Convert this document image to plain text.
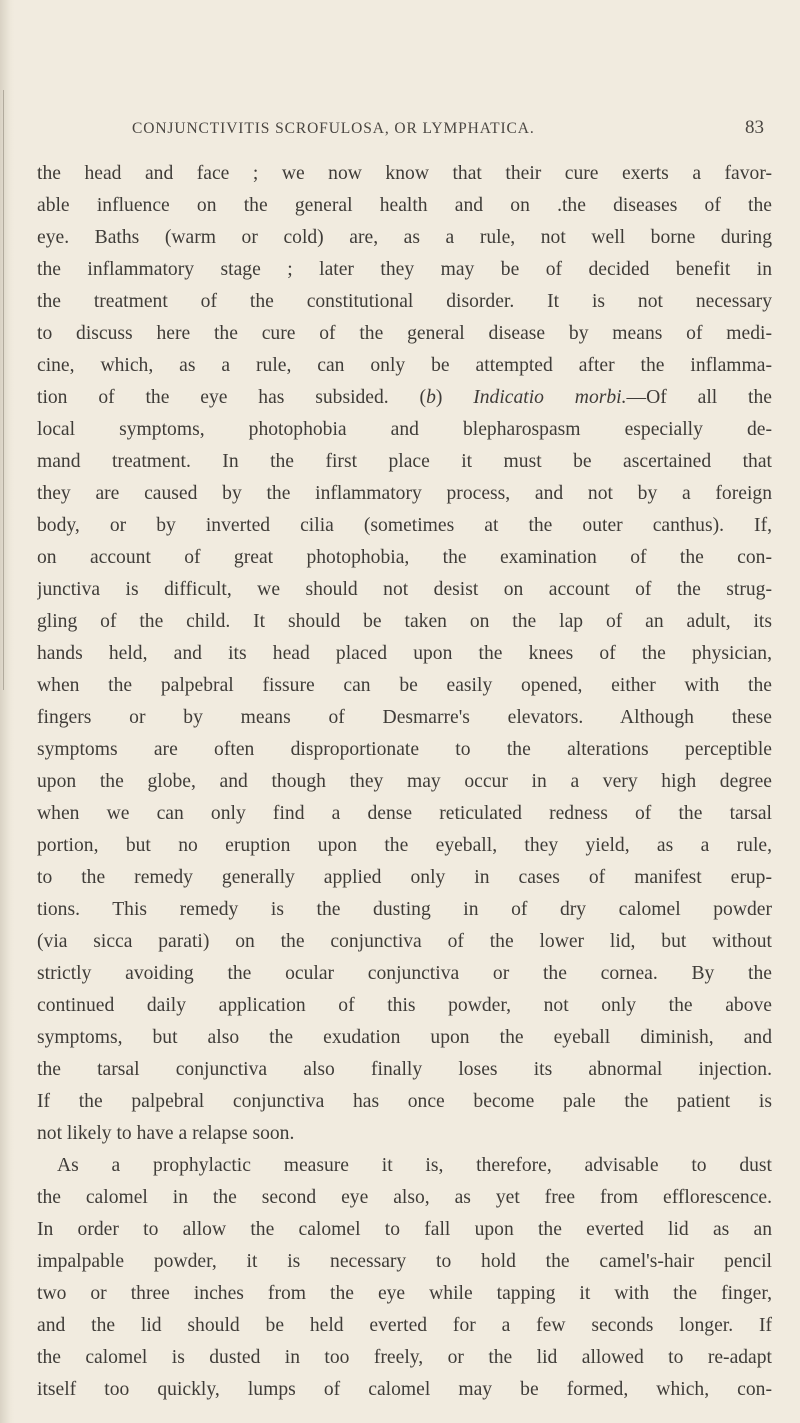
CONJUNCTIVITIS SCROFULOSA, OR LYMPHATICA.	83
the head and face ; we now know that their cure exerts a favor-
able influence on the general health and on .the diseases of the
eye. Baths (warm or cold) are, as a rule, not well borne during
the inflammatory stage ; later they may be of decided benefit in
the treatment of the constitutional disorder. It is not necessary
to discuss here the cure of the general disease by means of medi-
cine, which, as a rule, can only be attempted after the inflamma-
tion of the eye has subsided. (b) Indicatio morbi.—Of all the
local symptoms, photophobia and blepharospasm especially de-
mand treatment. In the first place it must be ascertained that
they are caused by the inflammatory process, and not by a foreign
body, or by inverted cilia (sometimes at the outer canthus). If,
on account of great photophobia, the examination of the con-
junctiva is difficult, we should not desist on account of the strug-
gling of the child. It should be taken on the lap of an adult, its
hands held, and its head placed upon the knees of the physician,
when the palpebral fissure can be easily opened, either with the
fingers or by means of Desmarre's elevators. Although these
symptoms are often disproportionate to the alterations perceptible
upon the globe, and though they may occur in a very high degree
when we can only find a dense reticulated redness of the tarsal
portion, but no eruption upon the eyeball, they yield, as a rule,
to the remedy generally applied only in cases of manifest erup-
tions. This remedy is the dusting in of dry calomel powder
(via sicca parati) on the conjunctiva of the lower lid, but without
strictly avoiding the ocular conjunctiva or the cornea. By the
continued daily application of this powder, not only the above
symptoms, but also the exudation upon the eyeball diminish, and
the tarsal conjunctiva also finally loses its abnormal injection.
If the palpebral conjunctiva has once become pale the patient is
not likely to have a relapse soon.
As a prophylactic measure it is, therefore, advisable to dust
the calomel in the second eye also, as yet free from efflorescence.
In order to allow the calomel to fall upon the everted lid as an
impalpable powder, it is necessary to hold the camel's-hair pencil
two or three inches from the eye while tapping it with the finger,
and the lid should be held everted for a few seconds longer. If
the calomel is dusted in too freely, or the lid allowed to re-adapt
itself too quickly, lumps of calomel may be formed, which, con-
